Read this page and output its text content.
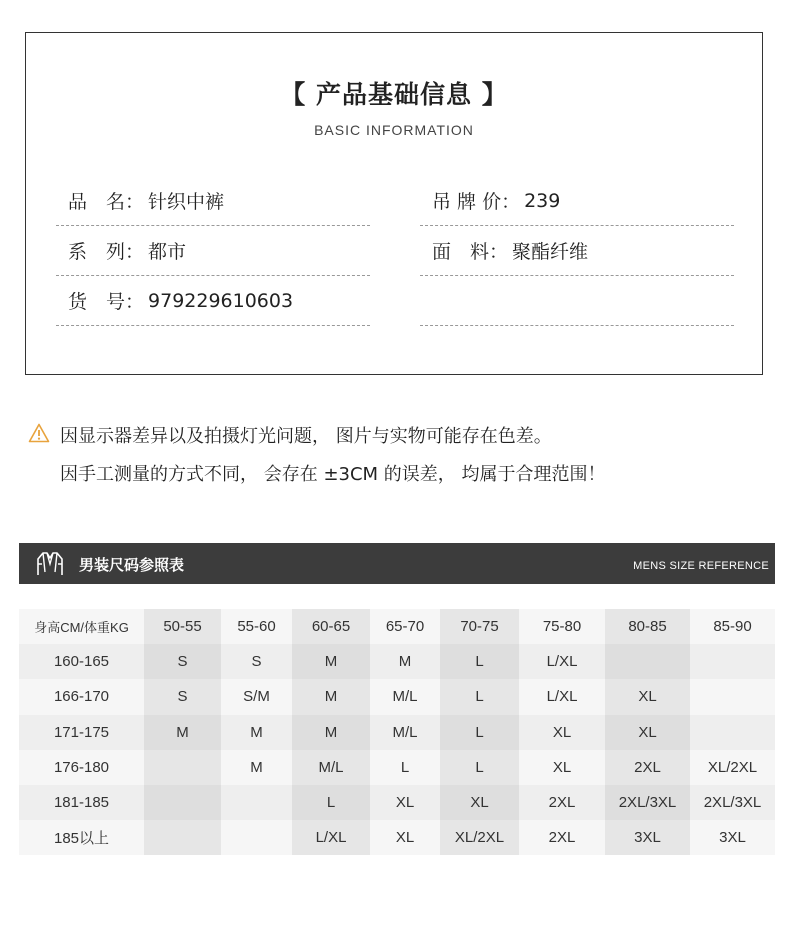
【 产品基础信息 】
BASIC INFORMATION
品　名： 针织中裤	吊 牌 价： 239
系　列： 都市	面　料： 聚酯纤维
货　号： 979229610603
因显示器差异以及拍摄灯光问题， 图片与实物可能存在色差。
因手工测量的方式不同， 会存在 ±3CM 的误差， 均属于合理范围！
男装尺码参照表	MENS SIZE REFERENCE
身高CM/体重KG	50-55	55-60	60-65	65-70	70-75	75-80	80-85	85-90
160-165	S	S	M	M	L	L/XL		
166-170	S	S/M	M	M/L	L	L/XL	XL	
171-175	M	M	M	M/L	L	XL	XL	
176-180		M	M/L	L	L	XL	2XL	XL/2XL
181-185			L	XL	XL	2XL	2XL/3XL	2XL/3XL
185以上			L/XL	XL	XL/2XL	2XL	3XL	3XL
